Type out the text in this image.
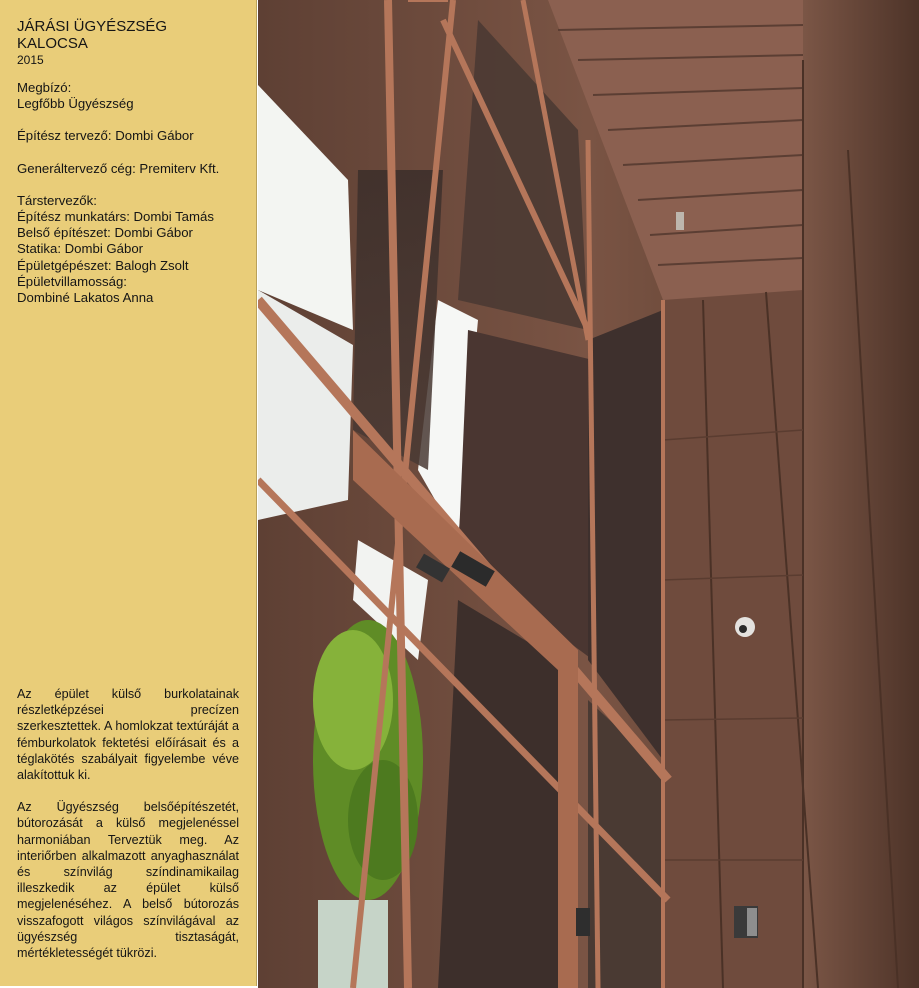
JÁRÁSI ÜGYÉSZSÉG
KALOCSA
2015
Megbízó:
Legfőbb Ügyészség
Építész tervező: Dombi Gábor
Generáltervező cég: Premiterv Kft.
Társtervezők:
Építész munkatárs: Dombi Tamás
Belső építészet: Dombi Gábor
Statika: Dombi Gábor
Épületgépészet: Balogh Zsolt
Épületvillamosság:
Dombiné Lakatos Anna

Az épület külső burkolatainak részletképzései precízen szerkesztettek. A homlokzat textúráját a fémburkolatok fektetési előírásait és a téglakötés szabályait figyelembe véve alakítottuk ki.

Az Ügyészség belsőépítészetét, bútorozását a külső megjelenéssel harmoniában Terveztük meg. Az interiőrben alkalmazott anyaghasználat és színvilág színdinamikailag illeszkedik az épület külső megjelenéséhez. A belső bútorozás visszafogott világos színvilágával az ügyészség tisztaságát, mértékletességét tükrözi.
